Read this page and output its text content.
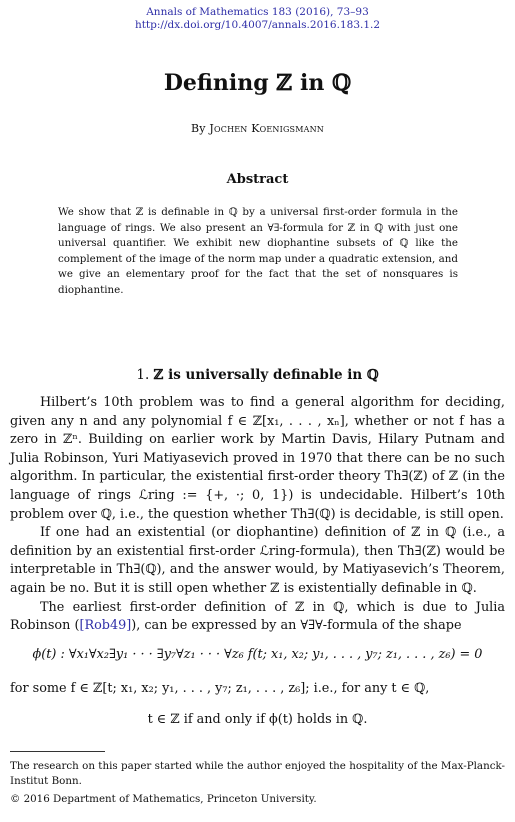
Annals of Mathematics 183 (2016), 73–93
http://dx.doi.org/10.4007/annals.2016.183.1.2
Defining ℤ in ℚ
By Jochen Koenigsmann
Abstract
We show that ℤ is definable in ℚ by a universal first-order formula in the language of rings. We also present an ∀∃-formula for ℤ in ℚ with just one universal quantifier. We exhibit new diophantine subsets of ℚ like the complement of the image of the norm map under a quadratic extension, and we give an elementary proof for the fact that the set of nonsquares is diophantine.
1. ℤ is universally definable in ℚ
Hilbert’s 10th problem was to find a general algorithm for deciding, given any n and any polynomial f ∈ ℤ[x₁, . . . , xₙ], whether or not f has a zero in ℤⁿ. Building on earlier work by Martin Davis, Hilary Putnam and Julia Robinson, Yuri Matiyasevich proved in 1970 that there can be no such algorithm. In particular, the existential first-order theory Th∃(ℤ) of ℤ (in the language of rings ℒring := {+, ·; 0, 1}) is undecidable. Hilbert’s 10th problem over ℚ, i.e., the question whether Th∃(ℚ) is decidable, is still open.
If one had an existential (or diophantine) definition of ℤ in ℚ (i.e., a definition by an existential first-order ℒring-formula), then Th∃(ℤ) would be interpretable in Th∃(ℚ), and the answer would, by Matiyasevich’s Theorem, again be no. But it is still open whether ℤ is existentially definable in ℚ.
The earliest first-order definition of ℤ in ℚ, which is due to Julia Robinson ([Rob49]), can be expressed by an ∀∃∀-formula of the shape
ϕ(t) : ∀x₁∀x₂∃y₁ · · · ∃y₇∀z₁ · · · ∀z₆ f(t; x₁, x₂; y₁, . . . , y₇; z₁, . . . , z₆) = 0
for some f ∈ ℤ[t; x₁, x₂; y₁, . . . , y₇; z₁, . . . , z₆]; i.e., for any t ∈ ℚ,
t ∈ ℤ if and only if ϕ(t) holds in ℚ.
The research on this paper started while the author enjoyed the hospitality of the Max-Planck-Institut Bonn.
© 2016 Department of Mathematics, Princeton University.
